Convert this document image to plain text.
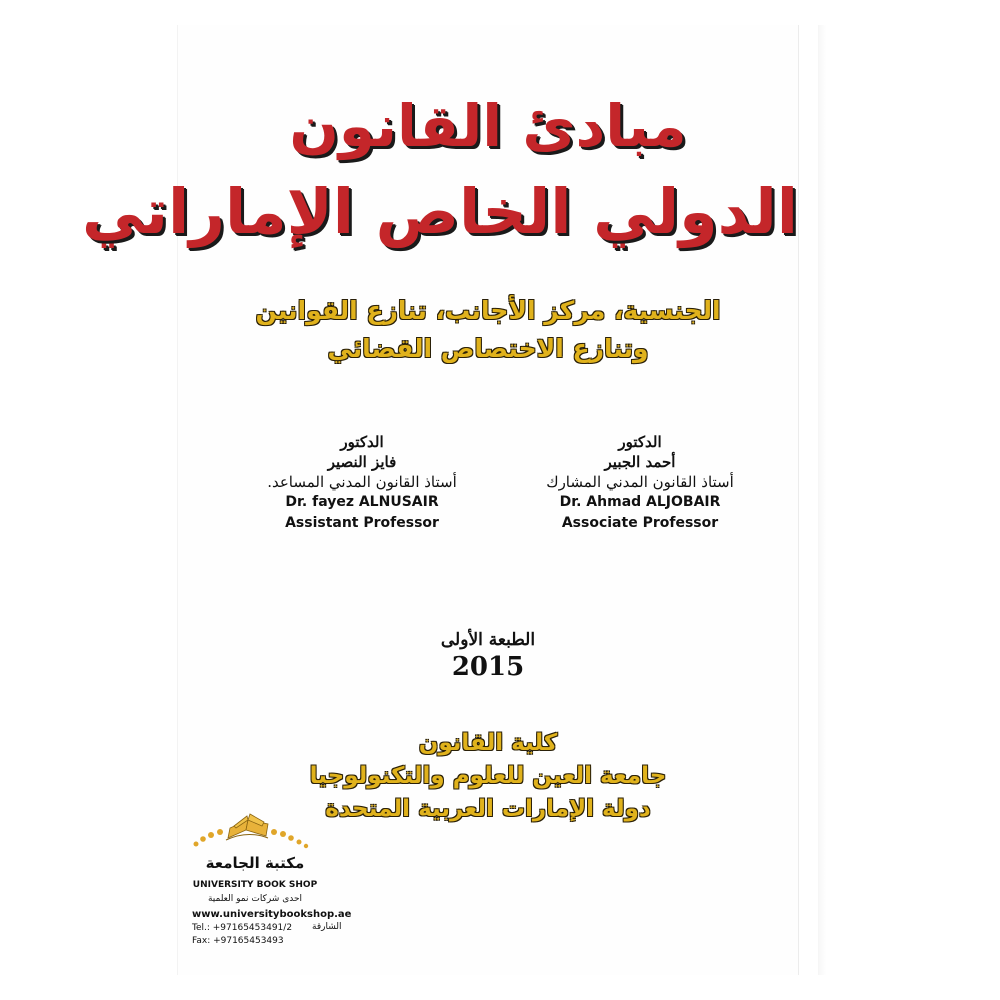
مبادئ القانون
الدولي الخاص الإماراتي
الجنسية، مركز الأجانب، تنازع القوانين
وتنازع الاختصاص القضائي
الدكتور
أحمد الجبير
أستاذ القانون المدني المشارك
Dr. Ahmad ALJOBAIR
Associate Professor
الدكتور
فايز النصير
أستاذ القانون المدني المساعد.
Dr. fayez ALNUSAIR
Assistant Professor
الطبعة الأولى
2015
كلية القانون
جامعة العين للعلوم والتكنولوجيا
دولة الإمارات العربية المتحدة
مكتبة الجامعة
UNIVERSITY BOOK SHOP
احدى شركات نمو العلمية
www.universitybookshop.ae
Tel.: +97165453491/2 الشارقة
Fax: +97165453493
